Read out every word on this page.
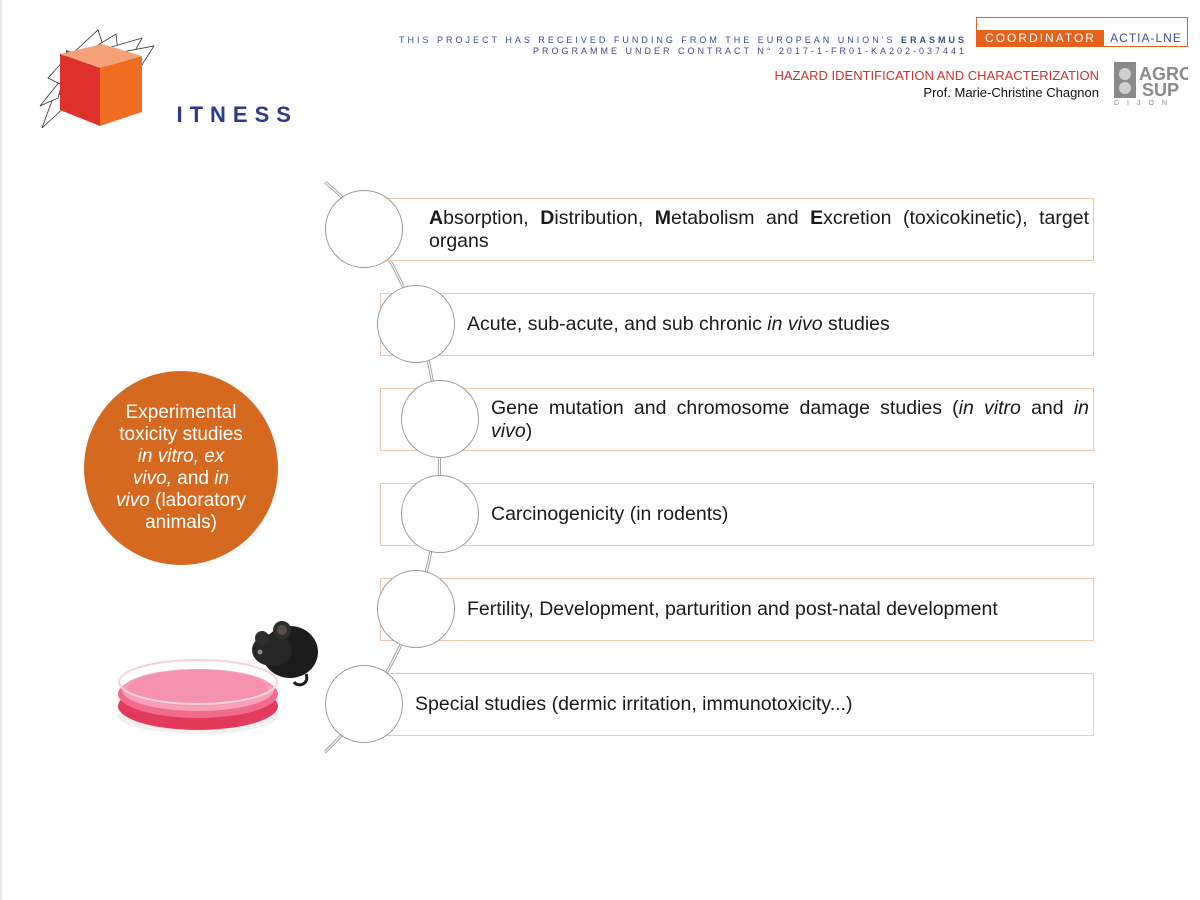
FITNESS
THIS PROJECT HAS RECEIVED FUNDING FROM THE EUROPEAN UNION'S ERASMUS
PROGRAMME UNDER CONTRACT N° 2017-1-FR01-KA202-037441
COORDINATOR	ACTIA-LNE
HAZARD IDENTIFICATION AND CHARACTERIZATION
Prof. Marie-Christine Chagnon
AGRO
SUP
DIJON
Absorption, Distribution, Metabolism and Excretion (toxicokinetic), target organs
Acute, sub-acute, and sub chronic in vivo studies
Gene mutation and chromosome damage studies (in vitro and in vivo)
Carcinogenicity (in rodents)
Fertility, Development, parturition and post-natal development
Special studies (dermic irritation, immunotoxicity...)
Experimental toxicity studies in vitro, ex vivo, and in vivo (laboratory animals)
